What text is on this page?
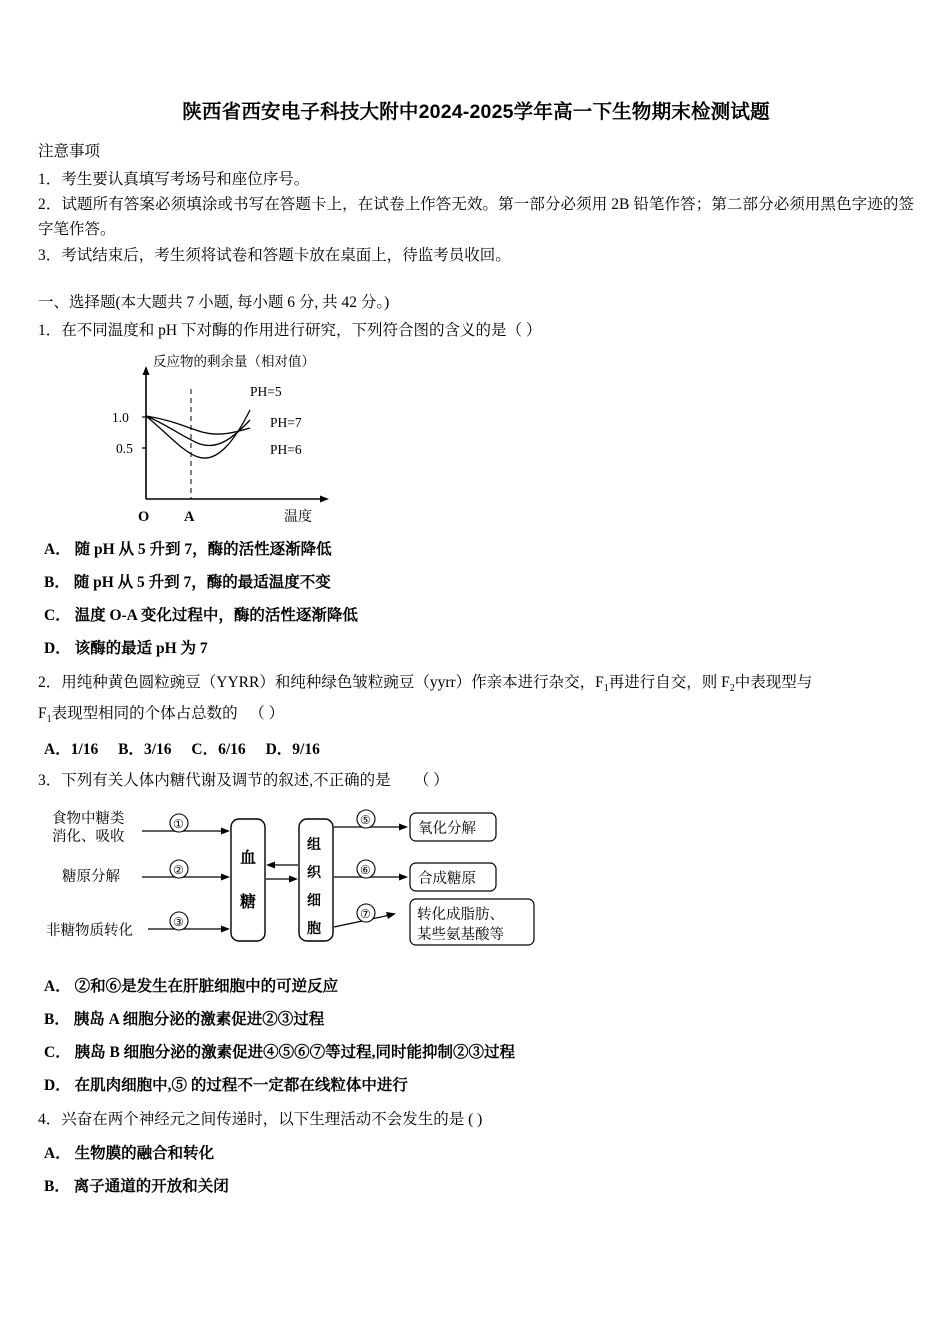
陕西省西安电子科技大附中2024-2025学年高一下生物期末检测试题

注意事项

1．考生要认真填写考场号和座位序号。

2．试题所有答案必须填涂或书写在答题卡上，在试卷上作答无效。第一部分必须用 2B 铅笔作答；第二部分必须用黑色字迹的签字笔作答。

3．考试结束后，考生须将试卷和答题卡放在桌面上，待监考员收回。

一、选择题(本大题共 7 小题, 每小题 6 分, 共 42 分。)

1．在不同温度和 pH 下对酶的作用进行研究，下列符合图的含义的是（ ）

反应物的剩余量（相对值）
1.0
0.5
O A	温度
PH=5
PH=7
PH=6

A． 随 pH 从 5 升到 7，酶的活性逐渐降低

B． 随 pH 从 5 升到 7，酶的最适温度不变

C． 温度 O-A 变化过程中，酶的活性逐渐降低

D． 该酶的最适 pH 为 7

2．用纯种黄色圆粒豌豆（YYRR）和纯种绿色皱粒豌豆（yyrr）作亲本进行杂交，$F_1$再进行自交，则 $F_2$中表现型与

$F_1$表现型相同的个体占总数的 　（ ）

A．1/16 B．3/16 C．6/16 D．9/16

3．下列有关人体内糖代谢及调节的叙述,不正确的是 　 （ ）

食物中糖类
消化、吸收
糖原分解
非糖物质转化
①
②
③
血
糖
组
织
细
胞
⑤
⑥
⑦
氧化分解
合成糖原
转化成脂肪、
某些氨基酸等

A． ②和⑥是发生在肝脏细胞中的可逆反应

B． 胰岛 A 细胞分泌的激素促进②③过程

C． 胰岛 B 细胞分泌的激素促进④⑤⑥⑦等过程,同时能抑制②③过程

D． 在肌肉细胞中,⑤ 的过程不一定都在线粒体中进行

4．兴奋在两个神经元之间传递时，以下生理活动不会发生的是 ( )

A． 生物膜的融合和转化

B． 离子通道的开放和关闭
